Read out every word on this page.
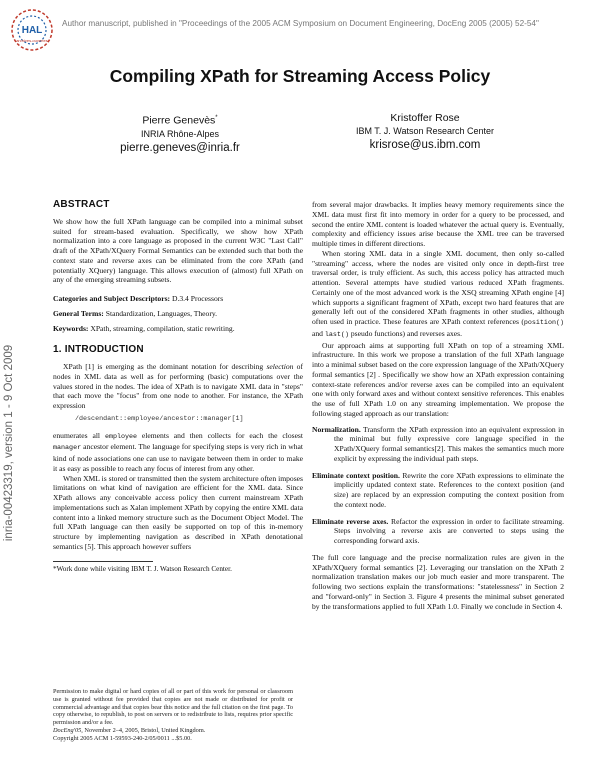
HAL
archives-ouvertes
Author manuscript, published in "Proceedings of the 2005 ACM Symposium on Document Engineering, DocEng 2005 (2005) 52-54"
inria-00423319, version 1 - 9 Oct 2009
Compiling XPath for Streaming Access Policy
Pierre Genevès*
INRIA Rhône-Alpes
pierre.geneves@inria.fr
Kristoffer Rose
IBM T. J. Watson Research Center
krisrose@us.ibm.com
ABSTRACT

We show how the full XPath language can be compiled into a minimal subset suited for stream-based evaluation. Specifically, we show how XPath normalization into a core language as proposed in the current W3C "Last Call" draft of the XPath/XQuery Formal Semantics can be extended such that both the context state and reverse axes can be eliminated from the core XPath (and potentially XQuery) language. This allows execution of (almost) full XPath on any of the emerging streaming subsets.

Categories and Subject Descriptors: D.3.4 Processors

General Terms: Standardization, Languages, Theory.

Keywords: XPath, streaming, compilation, static rewriting.

1. INTRODUCTION

XPath [1] is emerging as the dominant notation for describing selection of nodes in XML data as well as for performing (basic) computations over the values stored in the nodes. The idea of XPath is to navigate XML data in "steps" that each move the "focus" from one node to another. For instance, the XPath expression

/descendant::employee/ancestor::manager[1]

enumerates all employee elements and then collects for each the closest manager ancestor element. The language for specifying steps is very rich in what kind of node associations one can use to navigate between them in order to make it as easy as possible to reach any focus of interest from any other.

When XML is stored or transmitted then the system architecture often imposes limitations on what kind of navigation are efficient for the XML data. Since XPath allows any conceivable access policy then current mainstream XPath implementations such as Xalan implement XPath by copying the entire XML data content into a linked memory structure such as the Document Object Model. The full XPath language can then easily be supported on top of this in-memory structure by implementing navigation as described in XPath denotational semantics [5]. This approach however suffers

*Work done while visiting IBM T. J. Watson Research Center.

Permission to make digital or hard copies of all or part of this work for personal or classroom use is granted without fee provided that copies are not made or distributed for profit or commercial advantage and that copies bear this notice and the full citation on the first page. To copy otherwise, to republish, to post on servers or to redistribute to lists, requires prior specific permission and/or a fee.

DocEng'05, November 2–4, 2005, Bristol, United Kingdom.

Copyright 2005 ACM 1-59593-240-2/05/0011 ...$5.00.

from several major drawbacks. It implies heavy memory requirements since the XML data must first fit into memory in order for a query to be processed, and second the entire XML content is loaded whatever the actual query is. Eventually, complexity and efficiency issues arise because the XML tree can be traversed multiple times in different directions.

When storing XML data in a single XML document, then only so-called "streaming" access, where the nodes are visited only once in depth-first tree traversal order, is truly efficient. As such, this access policy has attracted much attention. Several attempts have studied various reduced XPath fragments. Certainly one of the most advanced work is the XSQ streaming XPath engine [4] which supports a significant fragment of XPath, except two hard features that are generally left out of the considered XPath fragments in other studies, although often used in practice. These features are XPath context references (position() and last() pseudo functions) and reverses axes.

Our approach aims at supporting full XPath on top of a streaming XML infrastructure. In this work we propose a translation of the full XPath language into a minimal subset based on the core expression language of the XPath/XQuery formal semantics [2] . Specifically we show how an XPath expression containing context-state references and/or reverse axes can be compiled into an equivalent one with only forward axes and without context sensitive references. This enables the use of full XPath 1.0 on any streaming implementation. We propose the following staged approach as our translation:

Normalization. Transform the XPath expression into an equivalent expression in the minimal but fully expressive core language specified in the XPath/XQuery formal semantics[2]. This makes the semantics much more explicit by expressing the individual path steps.

Eliminate context position. Rewrite the core XPath expressions to eliminate the implicitly updated context state. References to the context position (and size) are replaced by an expression computing the context position from the context node.

Eliminate reverse axes. Refactor the expression in order to facilitate streaming. Steps involving a reverse axis are converted to steps using the corresponding forward axis.

The full core language and the precise normalization rules are given in the XPath/XQuery formal semantics [2]. Leveraging our translation on the XPath 2 normalization translation makes our job much easier and more transparent. The following two sections explain the transformations: "statelessness" in Section 2 and "forward-only" in Section 3. Figure 4 presents the minimal subset generated by the transformations applied to full XPath 1.0. Finally we conclude in Section 4.
